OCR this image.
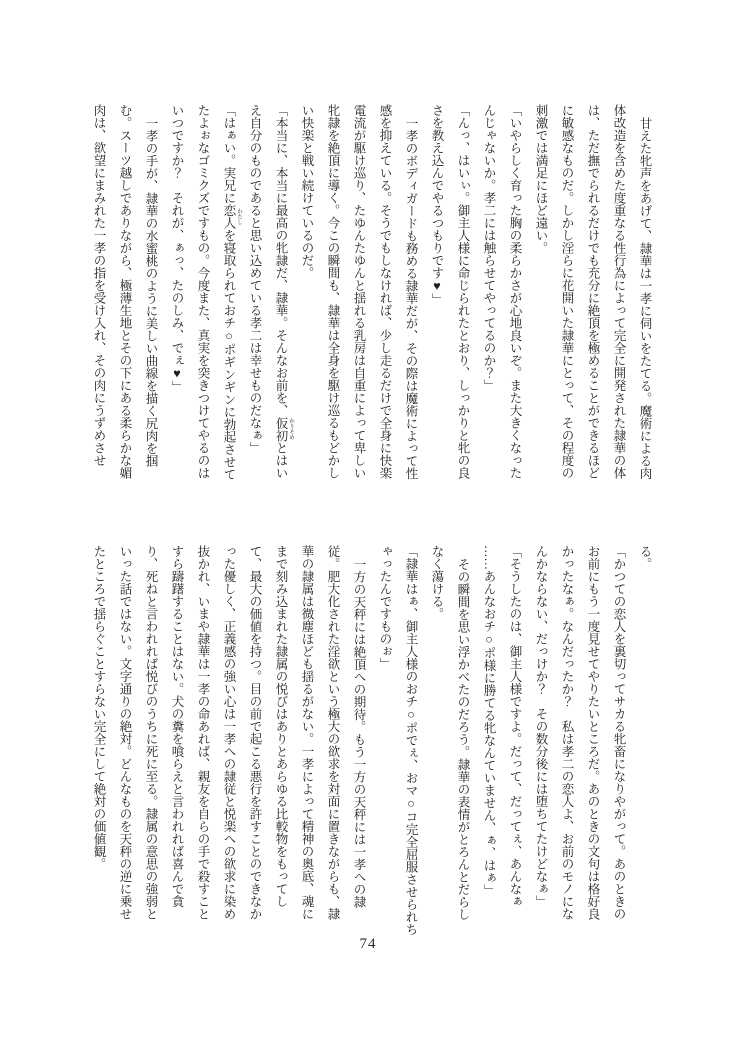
甘えた牝声をあげて、隷華は一孝に伺いをたてる。魔術による肉

体改造を含めた度重なる性行為によって完全に開発された隷華の体

は、ただ撫でられるだけでも充分に絶頂を極めることができるほど

に敏感なものだ。しかし淫らに花開いた隷華にとって、その程度の

刺激では満足にほど遠い。

「いやらしく育った胸の柔らかさが心地良いぞ。また大きくなった

んじゃないか。孝二には触らせてやってるのか？」

「んっ、はいぃ。御主人様に命じられたとおり、しっかりと牝の良

さを教え込んでやるつもりです♥」

一孝のボディガードも務める隷華だが、その際は魔術によって性

感を抑えている。そうでもしなければ、少し走るだけで全身に快楽

電流が駆け巡り、たゆんたゆんと揺れる乳房は自重によって卑しい

牝隷を絶頂に導く。今この瞬間も、隷華は全身を駆け巡るもどかし

い快楽と戦い続けているのだ。

「本当に、本当に最高の牝隷だ、隷華。そんなお前を、仮初 かりそめとはい

え自分のものであると思い込めている孝二は幸せものだなぁ」

「はぁい。実兄に恋人 わたしを寝取られておチ○ポギンギンに勃起させて

たよぉなゴミクズですもの。今度また、真実を突きつけてやるのは

いつですか？　それが、ぁっ、たのしみ、でぇ♥」

一孝の手が、隷華の水蜜桃のように美しい曲線を描く尻肉を掴

む。スーツ越しでありながら、極薄生地とその下にある柔らかな媚

肉は、欲望にまみれた一孝の指を受け入れ、その肉にうずめさせ

る。

「かつての恋人を裏切ってサカる牝畜になりやがって。あのときの

お前にもう一度見せてやりたいところだ。あのときの文句は格好良

かったなぁ。なんだったか？　私は孝二の恋人よ、お前のモノにな

んかならない、だっけか？　その数分後には堕ちてたけどなぁ」

「そうしたのは、御主人様ですよ。だって、だってぇ、あんなぁ

……あんなおチ○ポ様に勝てる牝なんていません、ぁ、はぁ」

その瞬間を思い浮かべたのだろう。隷華の表情がとろんとだらし

なく蕩ける。

「隷華はぁ、御主人様のおチ○ポでぇ、おマ○コ完全屈服させられち

ゃったんですものぉ」

一方の天秤には絶頂への期待。もう一方の天秤には一孝への隷

従。肥大化された淫欲という極大の欲求を対面に置きながらも、隷

華の隷属は微塵ほども揺るがない。一孝によって精神の奥底、魂に

まで刻み込まれた隷属の悦びはありとあらゆる比較物をもってし

て、最大の価値を持つ。目の前で起こる悪行を許すことのできなか

った優しく、正義感の強い心は一孝への隷従と悦楽への欲求に染め

抜かれ、いまや隷華は一孝の命あれば、親友を自らの手で殺すこと

すら躊躇することはない。犬の糞を喰らえと言われれば喜んで貪

り、死ねと言われれば悦びのうちに死に至る。隷属の意思の強弱と

いった話ではない。文字通りの絶対。どんなものを天秤の逆に乗せ

たところで揺らぐことすらない完全にして絶対の価値観。

74
